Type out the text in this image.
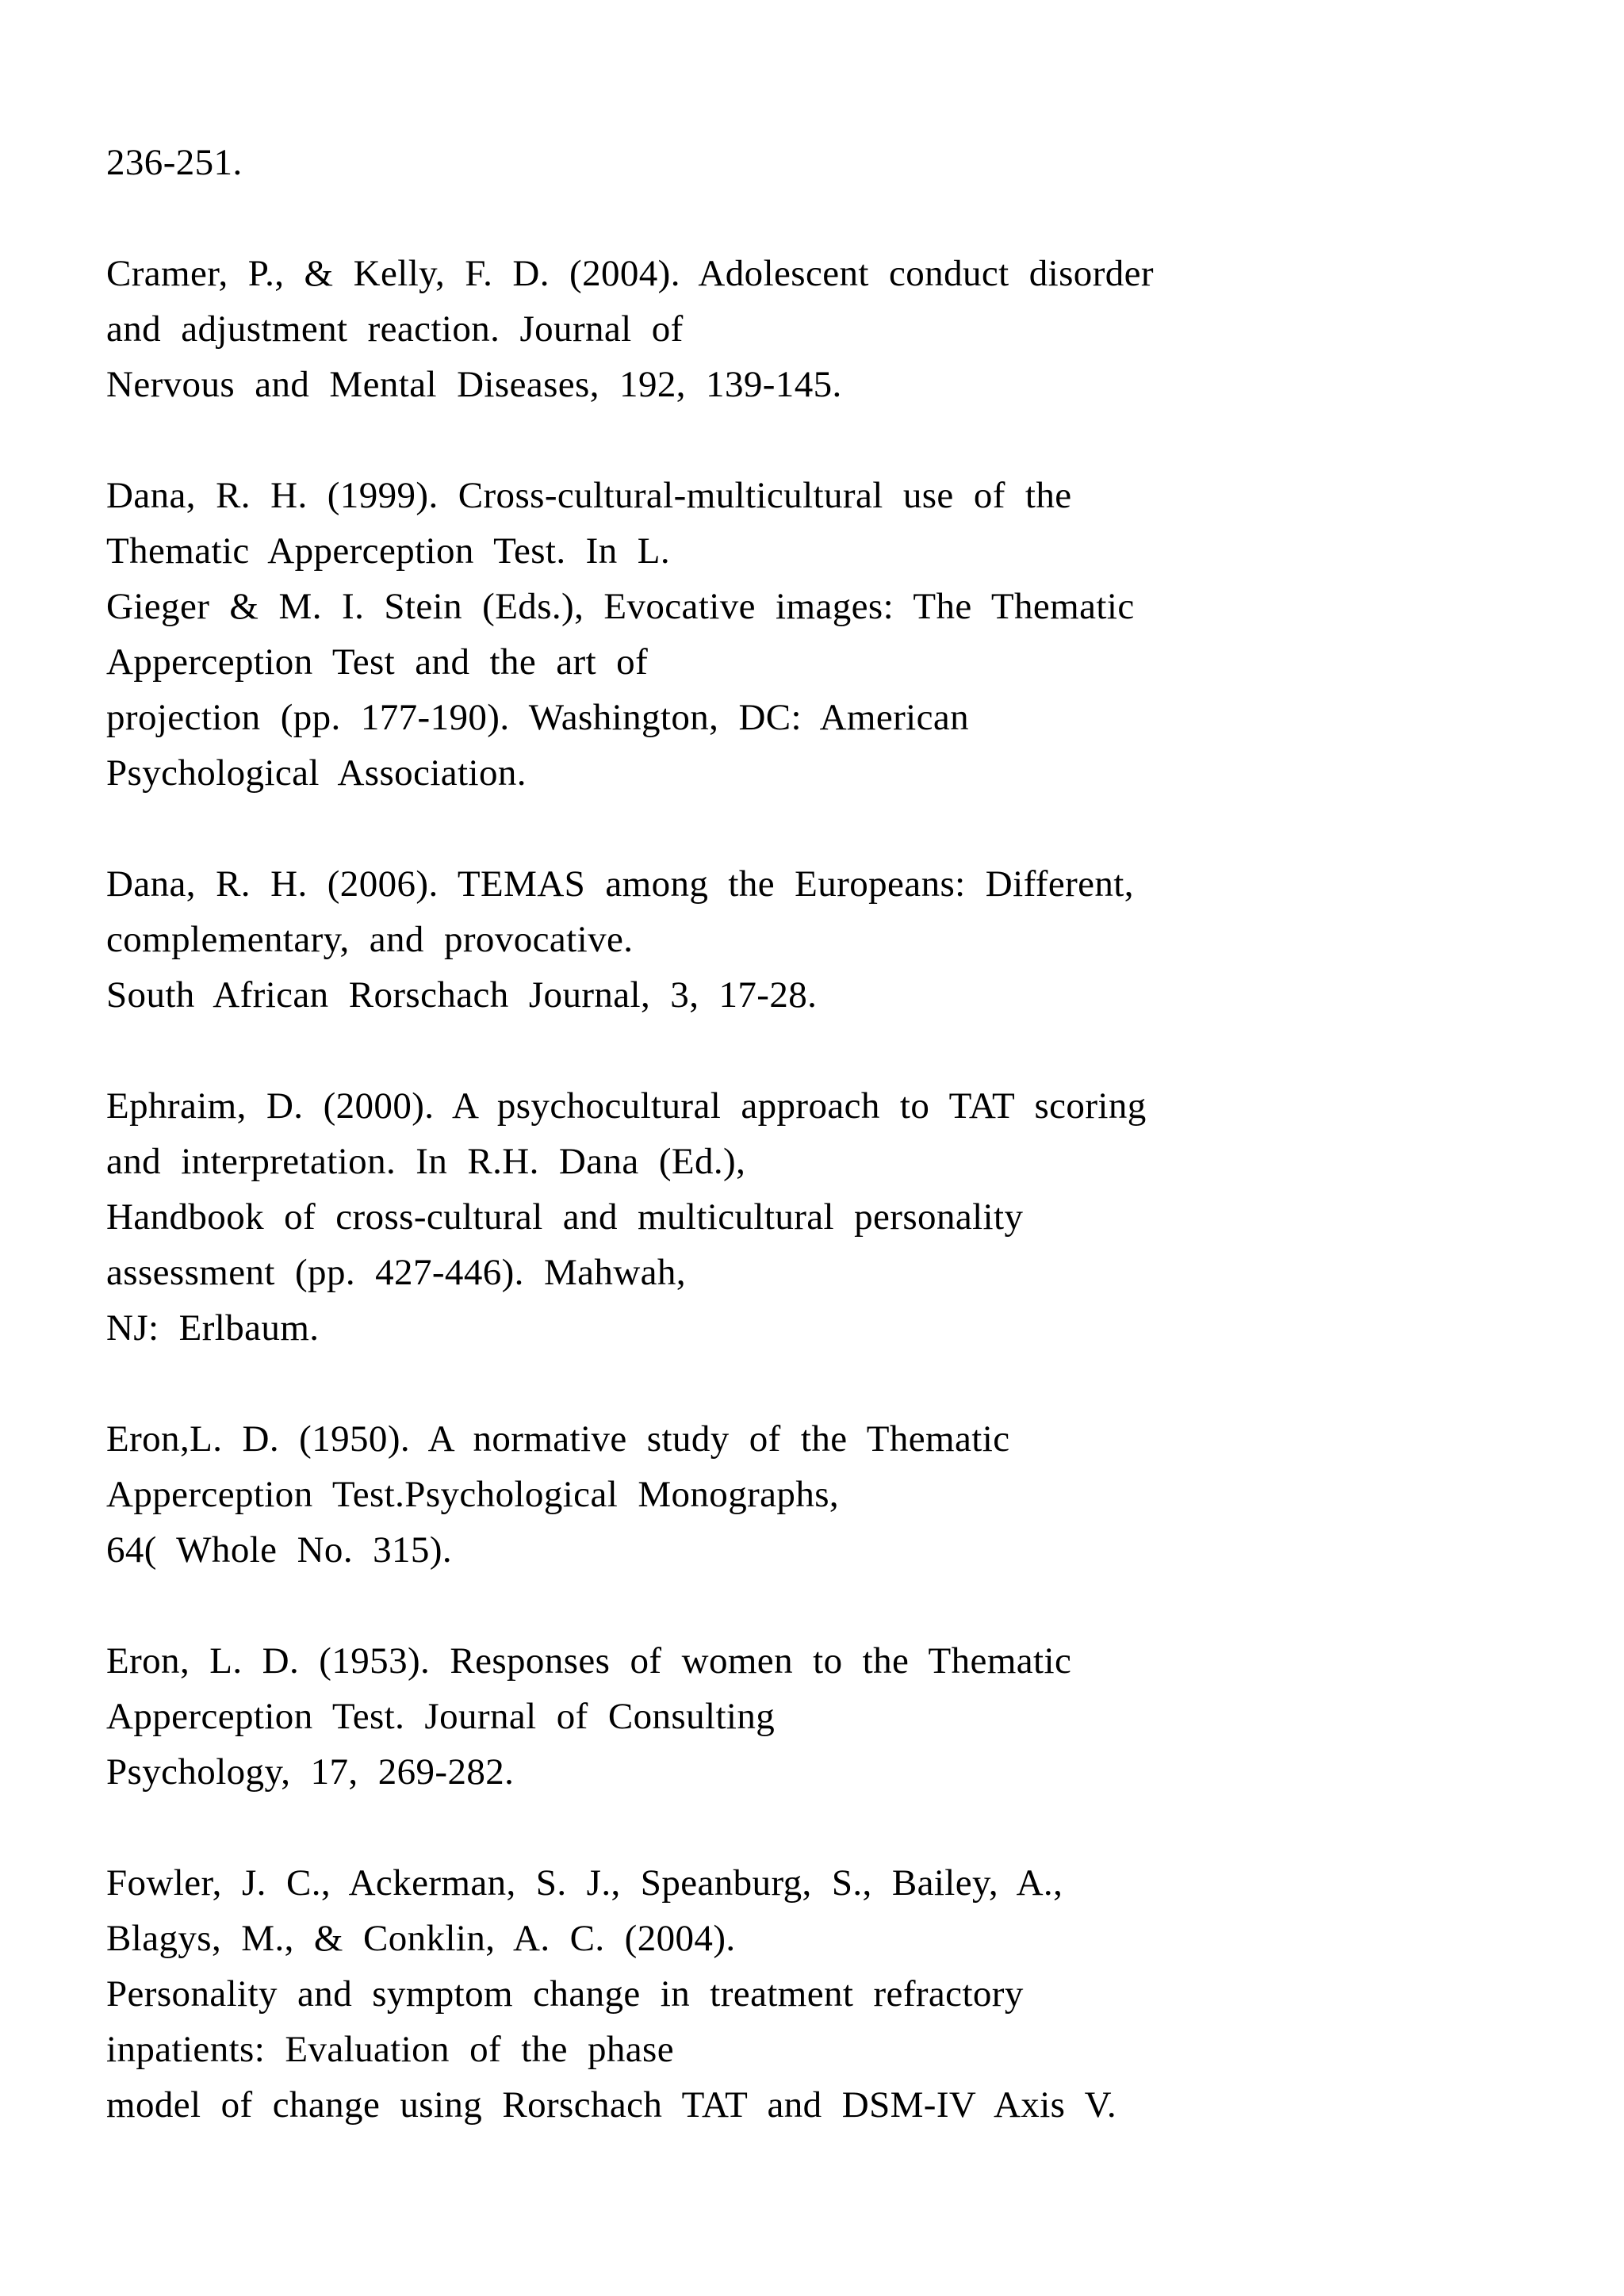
236-251.

Cramer, P., & Kelly, F. D. (2004). Adolescent conduct disorder
and adjustment reaction. Journal of
Nervous and Mental Diseases, 192, 139-145.

Dana, R. H. (1999). Cross-cultural-multicultural use of the
Thematic Apperception Test. In L.
Gieger & M. I. Stein (Eds.), Evocative images: The Thematic
Apperception Test and the art of
projection (pp. 177-190). Washington, DC: American
Psychological Association.

Dana, R. H. (2006). TEMAS among the Europeans: Different,
complementary, and provocative.
South African Rorschach Journal, 3, 17-28.

Ephraim, D. (2000). A psychocultural approach to TAT scoring
and interpretation. In R.H. Dana (Ed.),
Handbook of cross-cultural and multicultural personality
assessment (pp. 427-446). Mahwah,
NJ: Erlbaum.

Eron,L. D. (1950). A normative study of the Thematic
Apperception Test.Psychological Monographs,
64( Whole No. 315).

Eron, L. D. (1953). Responses of women to the Thematic
Apperception Test. Journal of Consulting
Psychology, 17, 269-282.

Fowler, J. C., Ackerman, S. J., Speanburg, S., Bailey, A.,
Blagys, M., & Conklin, A. C. (2004).
Personality and symptom change in treatment refractory
inpatients: Evaluation of the phase
model of change using Rorschach TAT and DSM-IV Axis V.
